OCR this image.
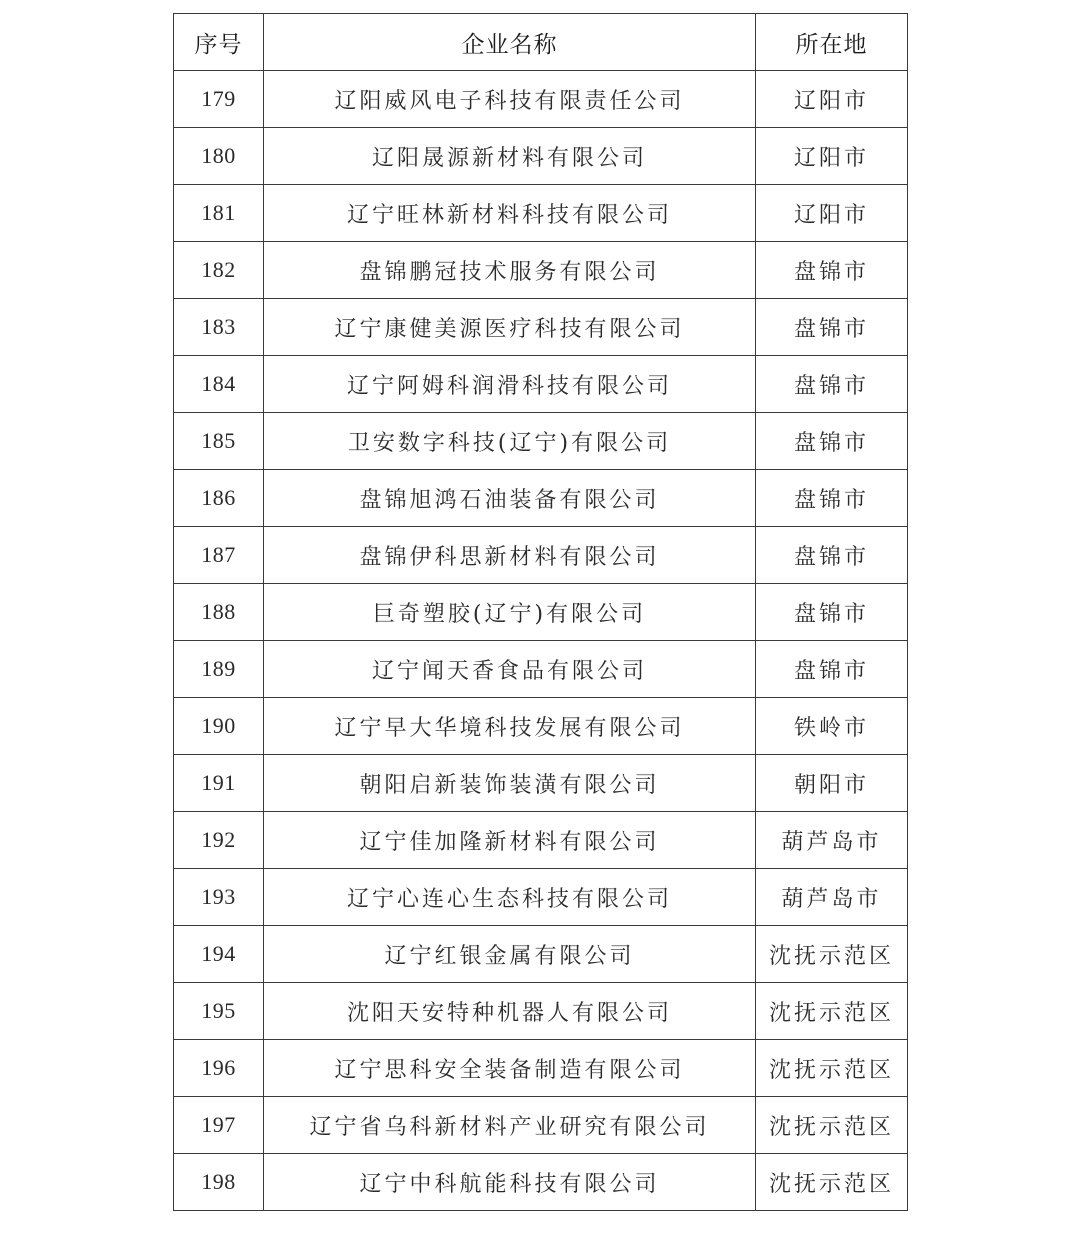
序号	企业名称	所在地
179	辽阳威风电子科技有限责任公司	辽阳市
180	辽阳晟源新材料有限公司	辽阳市
181	辽宁旺林新材料科技有限公司	辽阳市
182	盘锦鹏冠技术服务有限公司	盘锦市
183	辽宁康健美源医疗科技有限公司	盘锦市
184	辽宁阿姆科润滑科技有限公司	盘锦市
185	卫安数字科技(辽宁)有限公司	盘锦市
186	盘锦旭鸿石油装备有限公司	盘锦市
187	盘锦伊科思新材料有限公司	盘锦市
188	巨奇塑胶(辽宁)有限公司	盘锦市
189	辽宁闻天香食品有限公司	盘锦市
190	辽宁早大华境科技发展有限公司	铁岭市
191	朝阳启新装饰装潢有限公司	朝阳市
192	辽宁佳加隆新材料有限公司	葫芦岛市
193	辽宁心连心生态科技有限公司	葫芦岛市
194	辽宁红银金属有限公司	沈抚示范区
195	沈阳天安特种机器人有限公司	沈抚示范区
196	辽宁思科安全装备制造有限公司	沈抚示范区
197	辽宁省乌科新材料产业研究有限公司	沈抚示范区
198	辽宁中科航能科技有限公司	沈抚示范区
